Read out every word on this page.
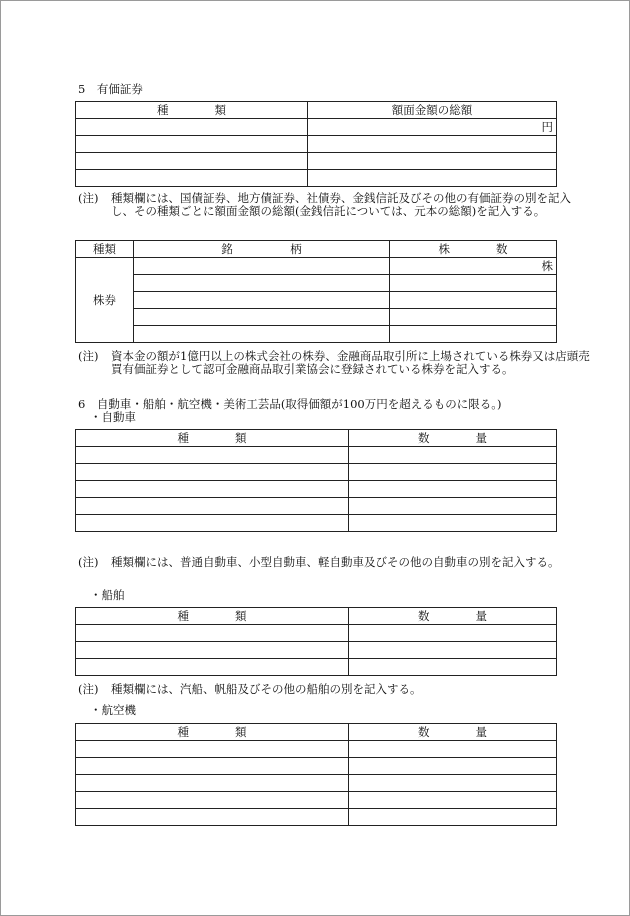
5　有価証券
種　　　　類	額面金額の総額
	円

(注) 種類欄には、国債証券、地方債証券、社債券、金銭信託及びその他の有価証券の別を記入し、その種類ごとに額面金額の総額(金銭信託については、元本の総額)を記入する。
種類	銘　　　　　柄	株　　　　数
株券		株

(注) 資本金の額が1億円以上の株式会社の株券、金融商品取引所に上場されている株券又は店頭売買有価証券として認可金融商品取引業協会に登録されている株券を記入する。
6　自動車・船舶・航空機・美術工芸品(取得価額が100万円を超えるものに限る。)
・自動車
種　　　　類	数　　　　量

(注) 種類欄には、普通自動車、小型自動車、軽自動車及びその他の自動車の別を記入する。
・船舶
種　　　　類	数　　　　量

(注) 種類欄には、汽船、帆船及びその他の船舶の別を記入する。
・航空機
種　　　　類	数　　　　量
